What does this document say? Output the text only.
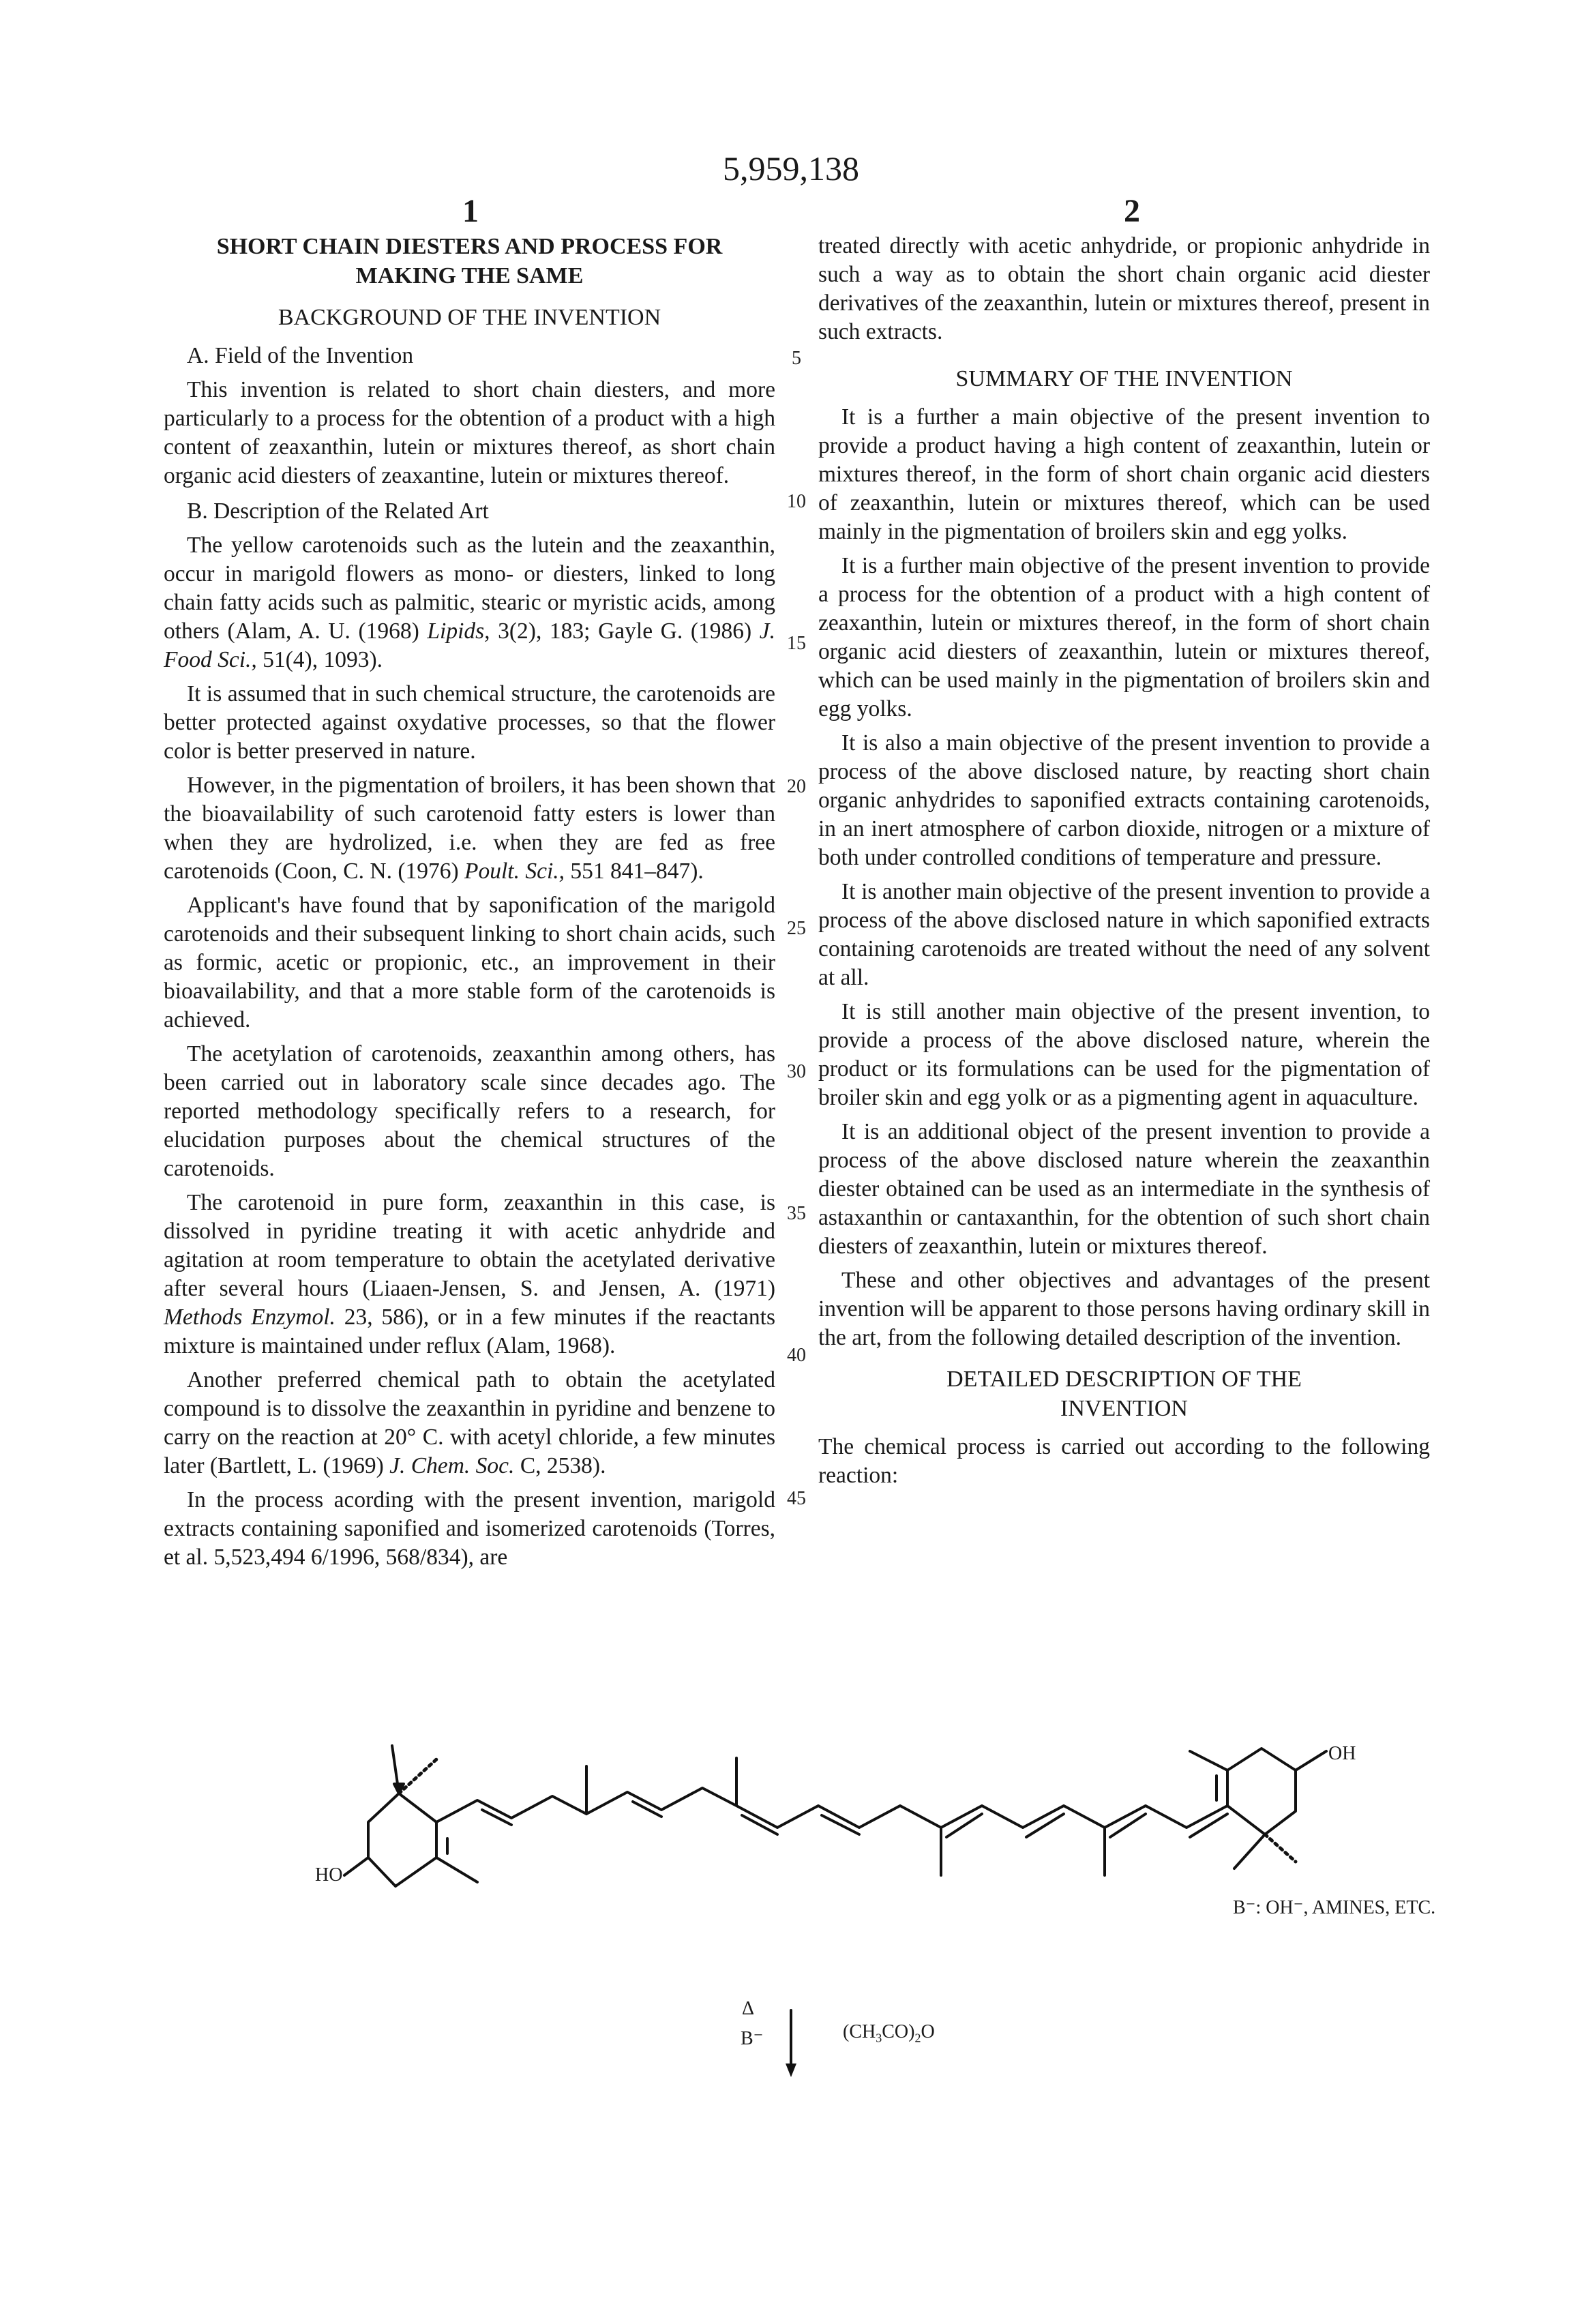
5,959,138
1	2
SHORT CHAIN DIESTERS AND PROCESS FOR MAKING THE SAME
BACKGROUND OF THE INVENTION
A. Field of the Invention

This invention is related to short chain diesters, and more particularly to a process for the obtention of a product with a high content of zeaxanthin, lutein or mixtures thereof, as short chain organic acid diesters of zeaxantine, lutein or mixtures thereof.

B. Description of the Related Art

The yellow carotenoids such as the lutein and the zeaxanthin, occur in marigold flowers as mono- or diesters, linked to long chain fatty acids such as palmitic, stearic or myristic acids, among others (Alam, A. U. (1968) Lipids, 3(2), 183; Gayle G. (1986) J. Food Sci., 51(4), 1093).

It is assumed that in such chemical structure, the carotenoids are better protected against oxydative processes, so that the flower color is better preserved in nature.

However, in the pigmentation of broilers, it has been shown that the bioavailability of such carotenoid fatty esters is lower than when they are hydrolized, i.e. when they are fed as free carotenoids (Coon, C. N. (1976) Poult. Sci., 551 841–847).

Applicant's have found that by saponification of the marigold carotenoids and their subsequent linking to short chain acids, such as formic, acetic or propionic, etc., an improvement in their bioavailability, and that a more stable form of the carotenoids is achieved.

The acetylation of carotenoids, zeaxanthin among others, has been carried out in laboratory scale since decades ago. The reported methodology specifically refers to a research, for elucidation purposes about the chemical structures of the carotenoids.

The carotenoid in pure form, zeaxanthin in this case, is dissolved in pyridine treating it with acetic anhydride and agitation at room temperature to obtain the acetylated derivative after several hours (Liaaen-Jensen, S. and Jensen, A. (1971) Methods Enzymol. 23, 586), or in a few minutes if the reactants mixture is maintained under reflux (Alam, 1968).

Another preferred chemical path to obtain the acetylated compound is to dissolve the zeaxanthin in pyridine and benzene to carry on the reaction at 20° C. with acetyl chloride, a few minutes later (Bartlett, L. (1969) J. Chem. Soc. C, 2538).

In the process acording with the present invention, marigold extracts containing saponified and isomerized carotenoids (Torres, et al. 5,523,494 6/1996, 568/834), are

5
10
15
20
25
30
35
40
45

treated directly with acetic anhydride, or propionic anhydride in such a way as to obtain the short chain organic acid diester derivatives of the zeaxanthin, lutein or mixtures thereof, present in such extracts.

SUMMARY OF THE INVENTION

It is a further a main objective of the present invention to provide a product having a high content of zeaxanthin, lutein or mixtures thereof, in the form of short chain organic acid diesters of zeaxanthin, lutein or mixtures thereof, which can be used mainly in the pigmentation of broilers skin and egg yolks.

It is a further main objective of the present invention to provide a process for the obtention of a product with a high content of zeaxanthin, lutein or mixtures thereof, in the form of short chain organic acid diesters of zeaxanthin, lutein or mixtures thereof, which can be used mainly in the pigmentation of broilers skin and egg yolks.

It is also a main objective of the present invention to provide a process of the above disclosed nature, by reacting short chain organic anhydrides to saponified extracts containing carotenoids, in an inert atmosphere of carbon dioxide, nitrogen or a mixture of both under controlled conditions of temperature and pressure.

It is another main objective of the present invention to provide a process of the above disclosed nature in which saponified extracts containing carotenoids are treated without the need of any solvent at all.

It is still another main objective of the present invention, to provide a process of the above disclosed nature, wherein the product or its formulations can be used for the pigmentation of broiler skin and egg yolk or as a pigmenting agent in aquaculture.

It is an additional object of the present invention to provide a process of the above disclosed nature wherein the zeaxanthin diester obtained can be used as an intermediate in the synthesis of astaxanthin or cantaxanthin, for the obtention of such short chain diesters of zeaxanthin, lutein or mixtures thereof.

These and other objectives and advantages of the present invention will be apparent to those persons having ordinary skill in the art, from the following detailed description of the invention.

DETAILED DESCRIPTION OF THE INVENTION

The chemical process is carried out according to the following reaction:

OH
HO
B⁻: OH⁻, AMINES, ETC.
Δ
B⁻	(CH3CO)2O
